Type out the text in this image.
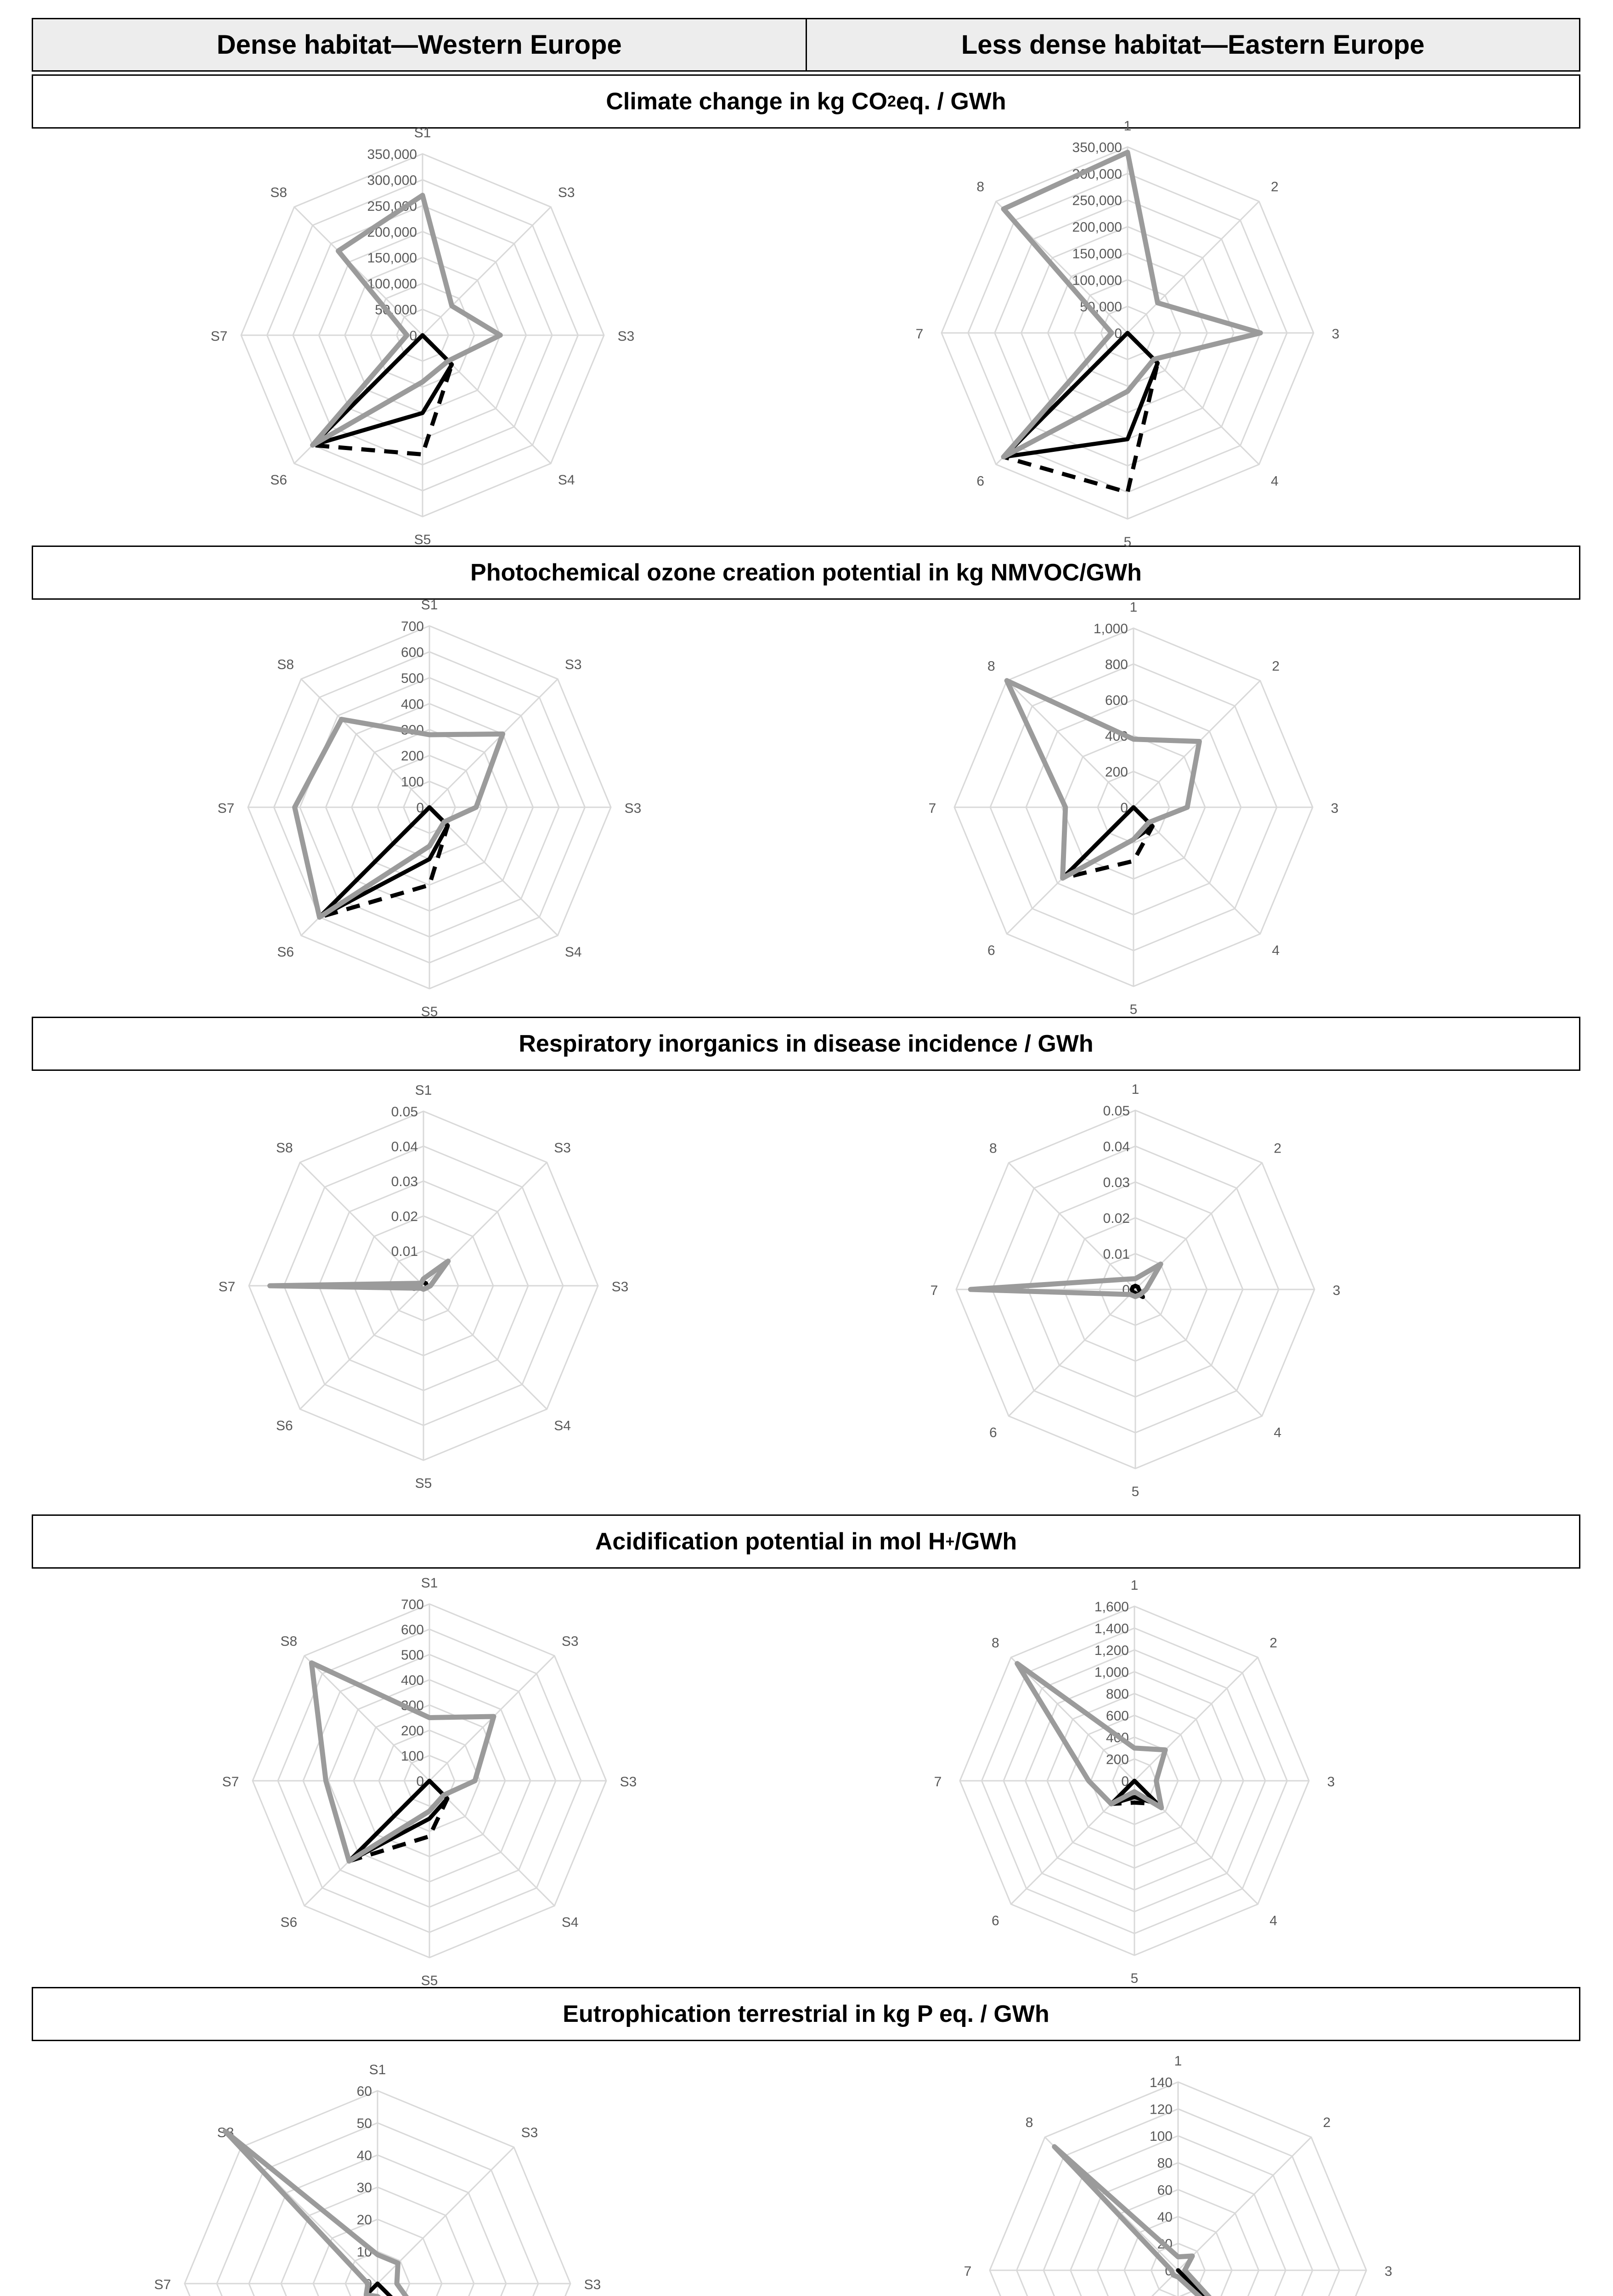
Dense habitat—Western Europe	Less dense habitat—Eastern Europe
Climate change in kg CO 2 eq. / GWh
Photochemical ozone creation potential in kg NMVOC/GWh
Respiratory inorganics in disease incidence / GWh
Acidification potential in mol H + /GWh
Eutrophication terrestrial in kg P eq. / GWh
S1
S3
S3
S4
S5
S6
S7
S8
0
50,000
100,000
150,000
200,000
250,000
300,000
350,000
1
2
3
4
5
6
7
8
0
50,000
100,000
150,000
200,000
250,000
300,000
350,000
S1
S3
S3
S4
S5
S6
S7
S8
0
100
200
300
400
500
600
700
1
2
3
4
5
6
7
8
0
200
400
600
800
1,000
S1
S3
S3
S4
S5
S6
S7
S8
0
0.01
0.02
0.03
0.04
0.05
1
2
3
4
5
6
7
8
0
0.01
0.02
0.03
0.04
0.05
S1
S3
S3
S4
S5
S6
S7
S8
0
100
200
300
400
500
600
700
1
2
3
4
5
6
7
8
0
200
400
600
800
1,000
1,200
1,400
1,600
S1
S3
S3
S7
S8
0
10
20
30
40
50
60
1
2
3
7
8
0
20
40
60
80
100
120
140
